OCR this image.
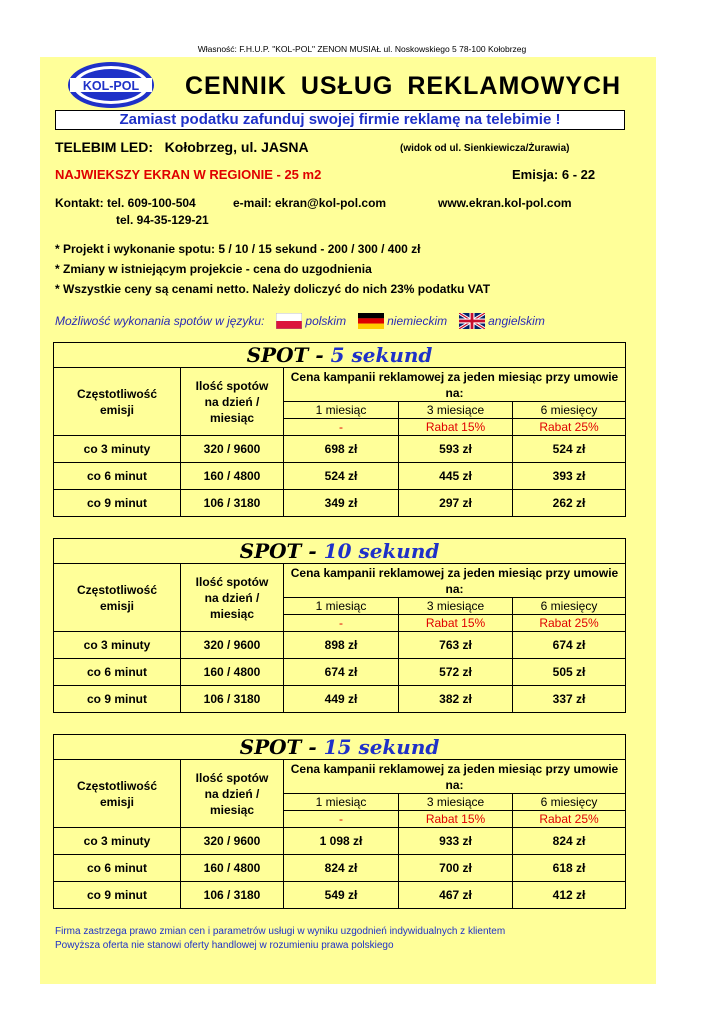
Własność: F.H.U.P. "KOL-POL" ZENON MUSIAŁ ul. Noskowskiego 5 78-100 Kołobrzeg
KOL-POL CENNIK USŁUG REKLAMOWYCH
Zamiast podatku zafunduj swojej firmie reklamę na telebimie !
TELEBIM LED: Kołobrzeg, ul. JASNA	(widok od ul. Sienkiewicza/Żurawia)
NAJWIEKSZY EKRAN W REGIONIE - 25 m2	Emisja: 6 - 22
Kontakt: tel. 609-100-504	e-mail: ekran@kol-pol.com	www.ekran.kol-pol.com
tel. 94-35-129-21
* Projekt i wykonanie spotu: 5 / 10 / 15 sekund - 200 / 300 / 400 zł
* Zmiany w istniejącym projekcie - cena do uzgodnienia
* Wszystkie ceny są cenami netto. Należy doliczyć do nich 23% podatku VAT
Możliwość wykonania spotów w języku:	polskim	niemieckim	angielskim
SPOT - 5 sekund				
Częstotliwość emisji	Ilość spotów na dzień / miesiąc	Cena kampanii reklamowej za jeden miesiąc przy umowie na:		
		1 miesiąc	3 miesiące	6 miesięcy
		-	Rabat 15%	Rabat 25%
co 3 minuty	320 / 9600	698 zł	593 zł	524 zł
co 6 minut	160 / 4800	524 zł	445 zł	393 zł
co 9 minut	106 / 3180	349 zł	297 zł	262 zł
SPOT - 10 sekund				
Częstotliwość emisji	Ilość spotów na dzień / miesiąc	Cena kampanii reklamowej za jeden miesiąc przy umowie na:		
		1 miesiąc	3 miesiące	6 miesięcy
		-	Rabat 15%	Rabat 25%
co 3 minuty	320 / 9600	898 zł	763 zł	674 zł
co 6 minut	160 / 4800	674 zł	572 zł	505 zł
co 9 minut	106 / 3180	449 zł	382 zł	337 zł
SPOT - 15 sekund				
Częstotliwość emisji	Ilość spotów na dzień / miesiąc	Cena kampanii reklamowej za jeden miesiąc przy umowie na:		
		1 miesiąc	3 miesiące	6 miesięcy
		-	Rabat 15%	Rabat 25%
co 3 minuty	320 / 9600	1 098 zł	933 zł	824 zł
co 6 minut	160 / 4800	824 zł	700 zł	618 zł
co 9 minut	106 / 3180	549 zł	467 zł	412 zł
Firma zastrzega prawo zmian cen i parametrów usługi w wyniku uzgodnień indywidualnych z klientem
Powyższa oferta nie stanowi oferty handlowej w rozumieniu prawa polskiego
